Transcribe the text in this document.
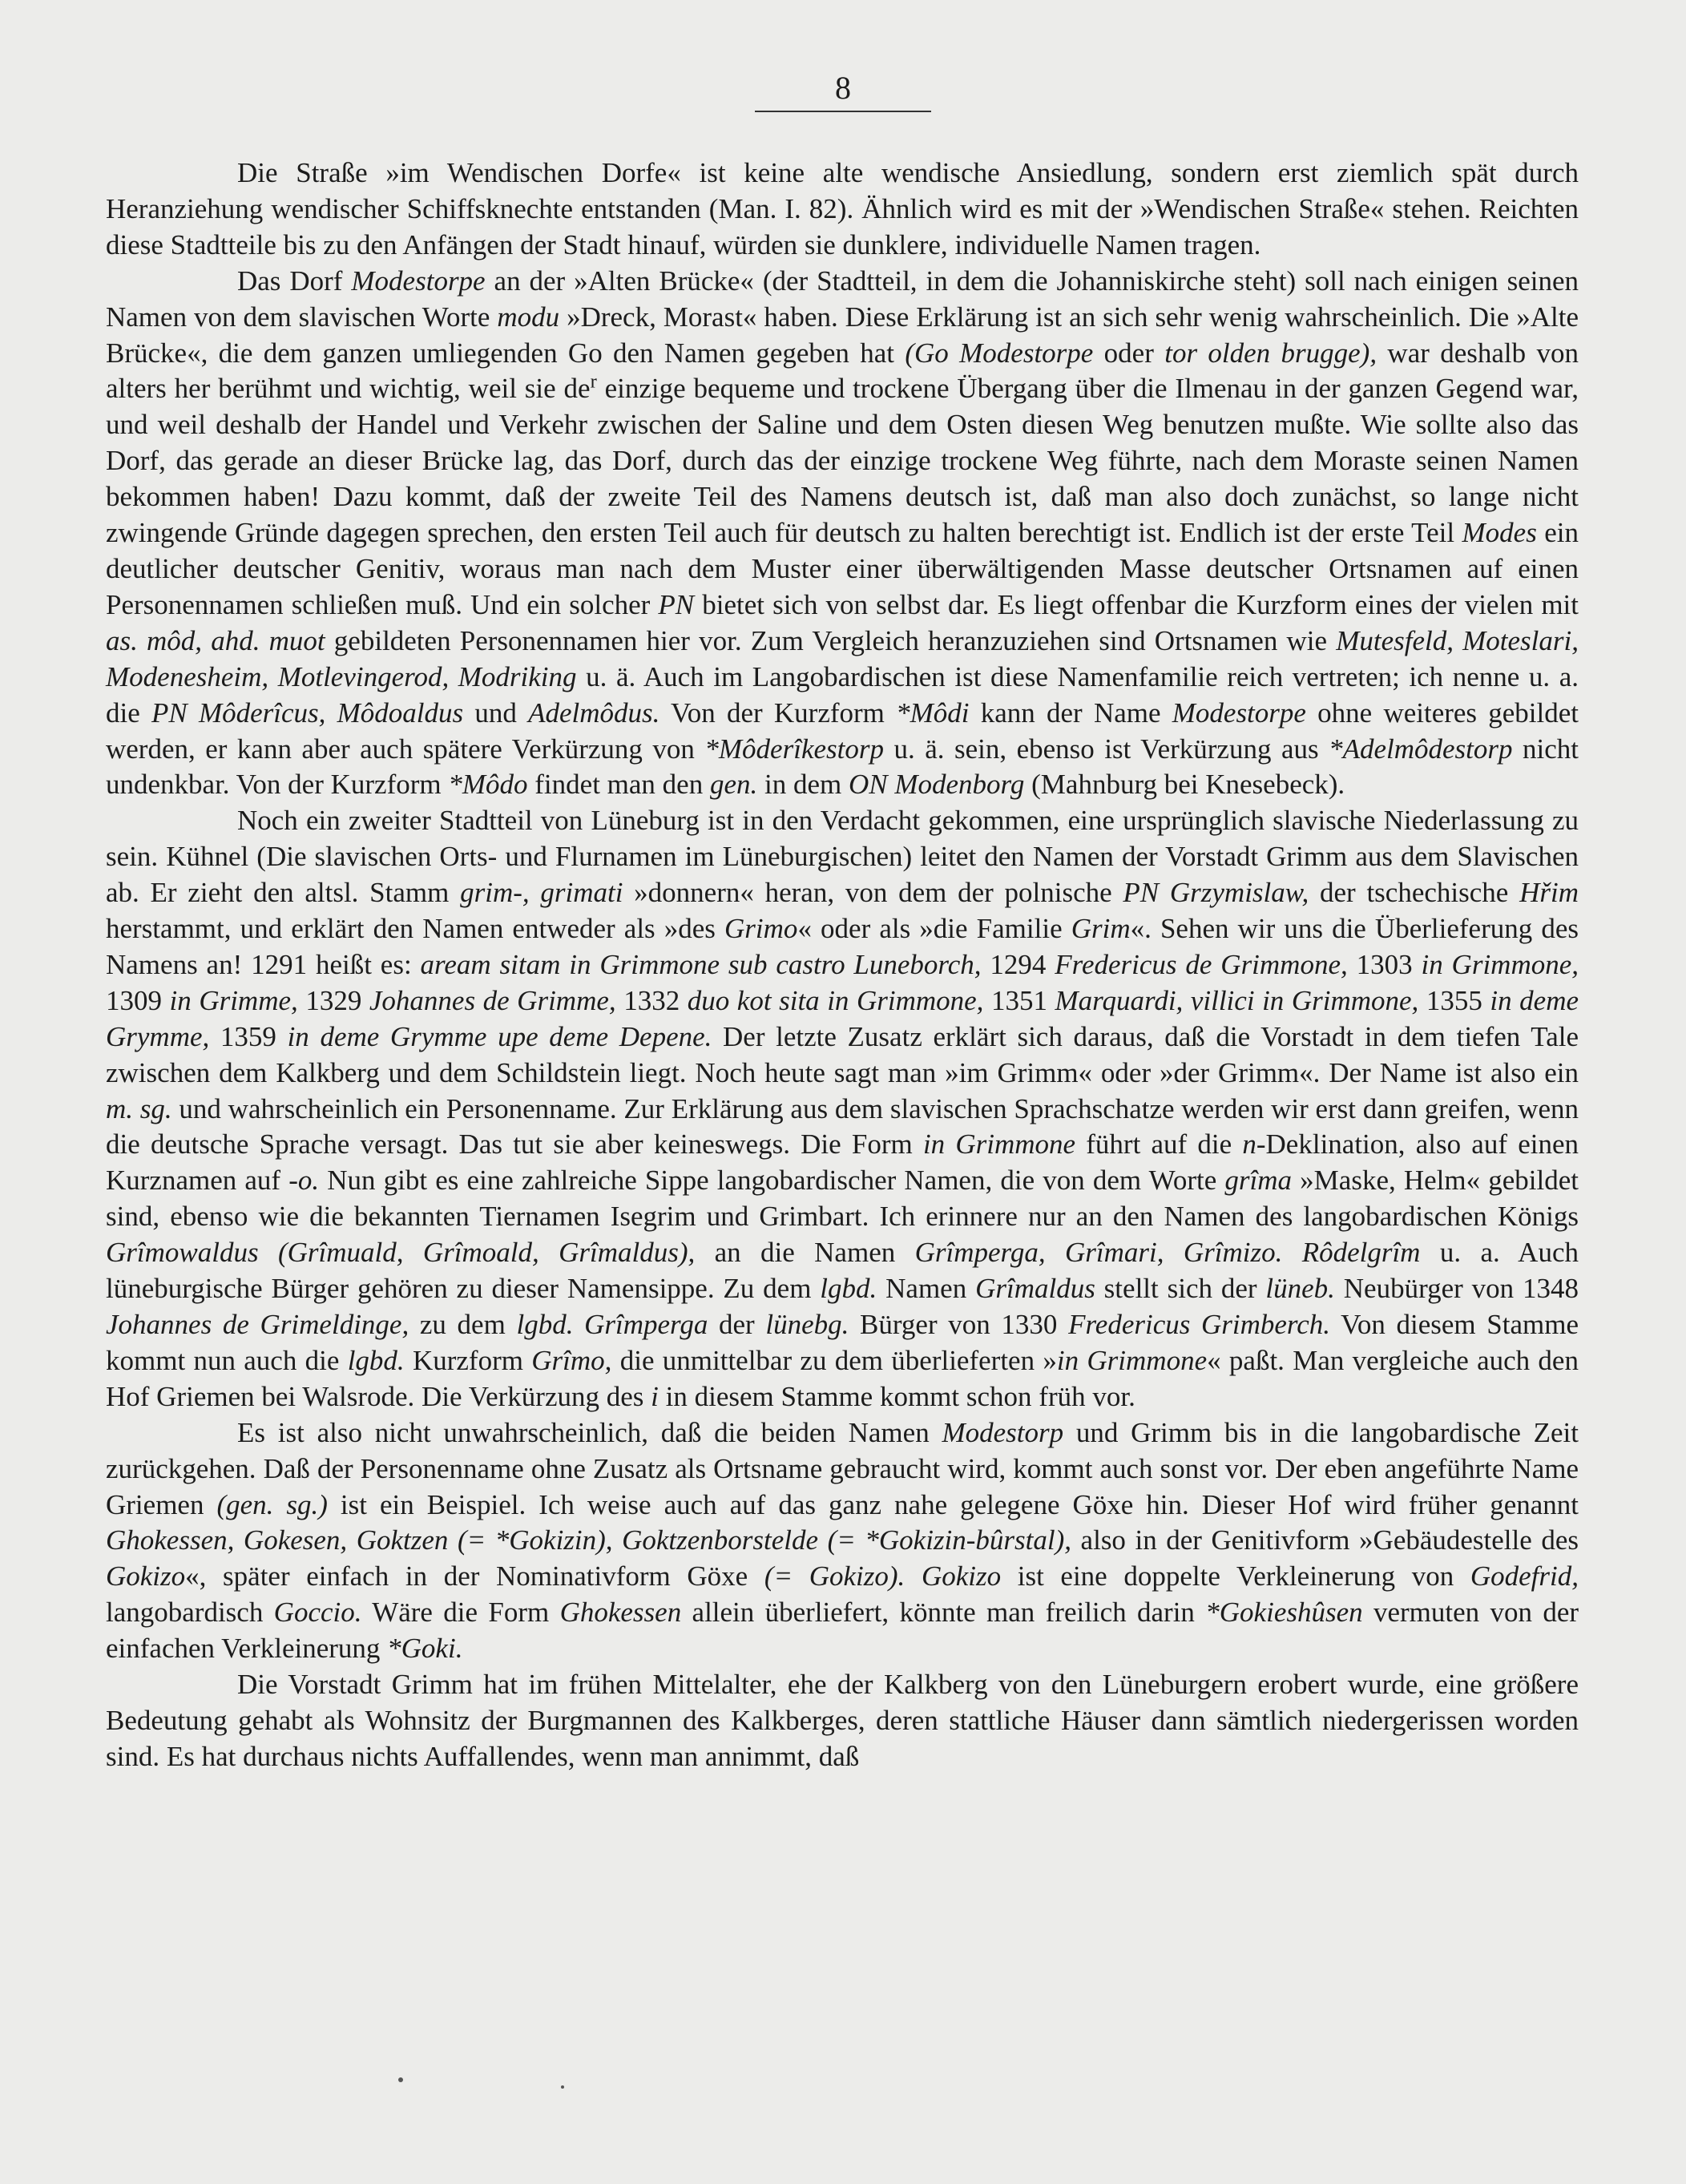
8

Die Straße »im Wendischen Dorfe« ist keine alte wendische Ansiedlung, sondern erst ziemlich spät durch Heranziehung wendischer Schiffsknechte entstanden (Man. I. 82). Ähnlich wird es mit der »Wendischen Straße« stehen. Reichten diese Stadtteile bis zu den Anfängen der Stadt hinauf, würden sie dunklere, individuelle Namen tragen.

Das Dorf Modestorpe an der »Alten Brücke« (der Stadtteil, in dem die Johanniskirche steht) soll nach einigen seinen Namen von dem slavischen Worte modu »Dreck, Morast« haben. Diese Erklärung ist an sich sehr wenig wahrscheinlich. Die »Alte Brücke«, die dem ganzen umliegenden Go den Namen gegeben hat (Go Modestorpe oder tor olden brugge), war deshalb von alters her berühmt und wichtig, weil sie $de^r$ einzige bequeme und trockene Übergang über die Ilmenau in der ganzen Gegend war, und weil deshalb der Handel und Verkehr zwischen der Saline und dem Osten diesen Weg benutzen mußte. Wie sollte also das Dorf, das gerade an dieser Brücke lag, das Dorf, durch das der einzige trockene Weg führte, nach dem Moraste seinen Namen bekommen haben! Dazu kommt, daß der zweite Teil des Namens deutsch ist, daß man also doch zunächst, so lange nicht zwingende Gründe dagegen sprechen, den ersten Teil auch für deutsch zu halten berechtigt ist. Endlich ist der erste Teil Modes ein deutlicher deutscher Genitiv, woraus man nach dem Muster einer überwältigenden Masse deutscher Ortsnamen auf einen Personennamen schließen muß. Und ein solcher PN bietet sich von selbst dar. Es liegt offenbar die Kurzform eines der vielen mit as. môd, ahd. muot gebildeten Personennamen hier vor. Zum Vergleich heranzuziehen sind Ortsnamen wie Mutesfeld, Moteslari, Modenesheim, Motlevingerod, Modriking u. ä. Auch im Langobardischen ist diese Namenfamilie reich vertreten; ich nenne u. a. die PN Môderîcus, Môdoaldus und Adelmôdus. Von der Kurzform *Môdi kann der Name Modestorpe ohne weiteres gebildet werden, er kann aber auch spätere Verkürzung von *Môderîkestorp u. ä. sein, ebenso ist Verkürzung aus *Adelmôdestorp nicht undenkbar. Von der Kurzform *Môdo findet man den gen. in dem ON Modenborg (Mahnburg bei Knesebeck).

Noch ein zweiter Stadtteil von Lüneburg ist in den Verdacht gekommen, eine ursprünglich slavische Niederlassung zu sein. Kühnel (Die slavischen Orts- und Flurnamen im Lüneburgischen) leitet den Namen der Vorstadt Grimm aus dem Slavischen ab. Er zieht den altsl. Stamm grim-, grimati »donnern« heran, von dem der polnische PN Grzymislaw, der tschechische Hřim herstammt, und erklärt den Namen entweder als »des Grimo« oder als »die Familie Grim«. Sehen wir uns die Überlieferung des Namens an! 1291 heißt es: aream sitam in Grimmone sub castro Luneborch, 1294 Fredericus de Grimmone, 1303 in Grimmone, 1309 in Grimme, 1329 Johannes de Grimme, 1332 duo kot sita in Grimmone, 1351 Marquardi, villici in Grimmone, 1355 in deme Grymme, 1359 in deme Grymme upe deme Depene. Der letzte Zusatz erklärt sich daraus, daß die Vorstadt in dem tiefen Tale zwischen dem Kalkberg und dem Schildstein liegt. Noch heute sagt man »im Grimm« oder »der Grimm«. Der Name ist also ein m. sg. und wahrscheinlich ein Personenname. Zur Erklärung aus dem slavischen Sprachschatze werden wir erst dann greifen, wenn die deutsche Sprache versagt. Das tut sie aber keineswegs. Die Form in Grimmone führt auf die n-Deklination, also auf einen Kurznamen auf -o. Nun gibt es eine zahlreiche Sippe langobardischer Namen, die von dem Worte grîma »Maske, Helm« gebildet sind, ebenso wie die bekannten Tiernamen Isegrim und Grimbart. Ich erinnere nur an den Namen des langobardischen Königs Grîmowaldus (Grîmuald, Grîmoald, Grîmaldus), an die Namen Grîmperga, Grîmari, Grîmizo. Rôdelgrîm u. a. Auch lüneburgische Bürger gehören zu dieser Namensippe. Zu dem lgbd. Namen Grîmaldus stellt sich der lüneb. Neubürger von 1348 Johannes de Grimeldinge, zu dem lgbd. Grîmperga der lünebg. Bürger von 1330 Fredericus Grimberch. Von diesem Stamme kommt nun auch die lgbd. Kurzform Grîmo, die unmittelbar zu dem überlieferten »in Grimmone« paßt. Man vergleiche auch den Hof Griemen bei Walsrode. Die Verkürzung des i in diesem Stamme kommt schon früh vor.

Es ist also nicht unwahrscheinlich, daß die beiden Namen Modestorp und Grimm bis in die langobardische Zeit zurückgehen. Daß der Personenname ohne Zusatz als Ortsname gebraucht wird, kommt auch sonst vor. Der eben angeführte Name Griemen (gen. sg.) ist ein Beispiel. Ich weise auch auf das ganz nahe gelegene Göxe hin. Dieser Hof wird früher genannt Ghokessen, Gokesen, Goktzen (= *Gokizin), Goktzenborstelde (= *Gokizin-bûrstal), also in der Genitivform »Gebäudestelle des Gokizo«, später einfach in der Nominativform Göxe (= Gokizo). Gokizo ist eine doppelte Verkleinerung von Godefrid, langobardisch Goccio. Wäre die Form Ghokessen allein überliefert, könnte man freilich darin *Gokieshûsen vermuten von der einfachen Verkleinerung *Goki.

Die Vorstadt Grimm hat im frühen Mittelalter, ehe der Kalkberg von den Lüneburgern erobert wurde, eine größere Bedeutung gehabt als Wohnsitz der Burgmannen des Kalkberges, deren stattliche Häuser dann sämtlich niedergerissen worden sind. Es hat durchaus nichts Auffallendes, wenn man annimmt, daß
